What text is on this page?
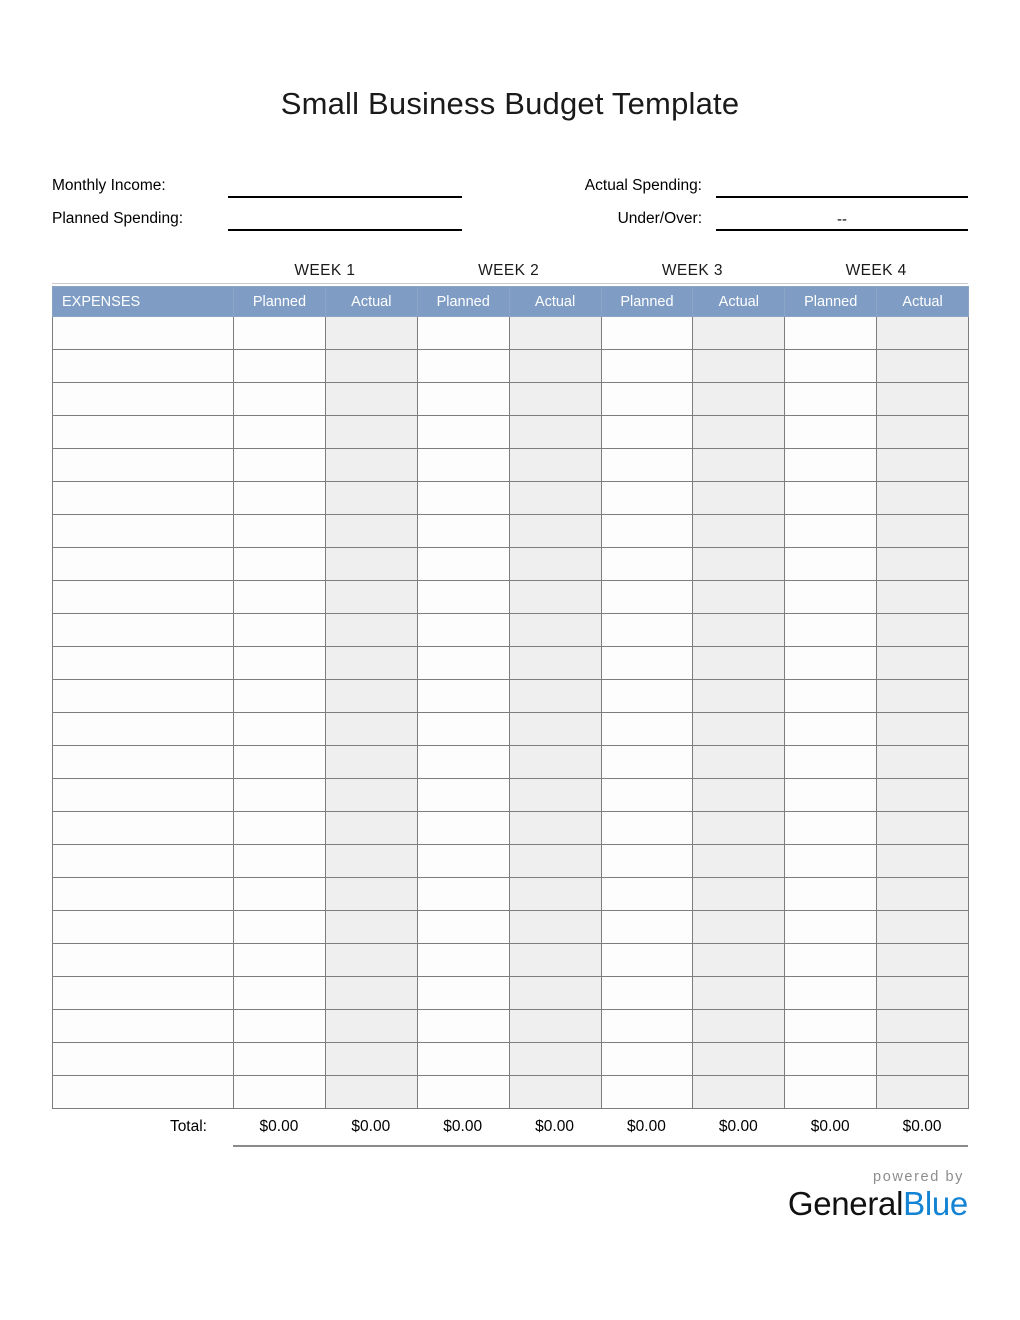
Small Business Budget Template
Monthly Income:
Planned Spending:
Actual Spending:
Under/Over:	--
WEEK 1	WEEK 2	WEEK 3	WEEK 4
EXPENSES	Planned	Actual	Planned	Actual	Planned	Actual	Planned	Actual

Total:	$0.00	$0.00	$0.00	$0.00	$0.00	$0.00	$0.00	$0.00
powered by
GeneralBlue
